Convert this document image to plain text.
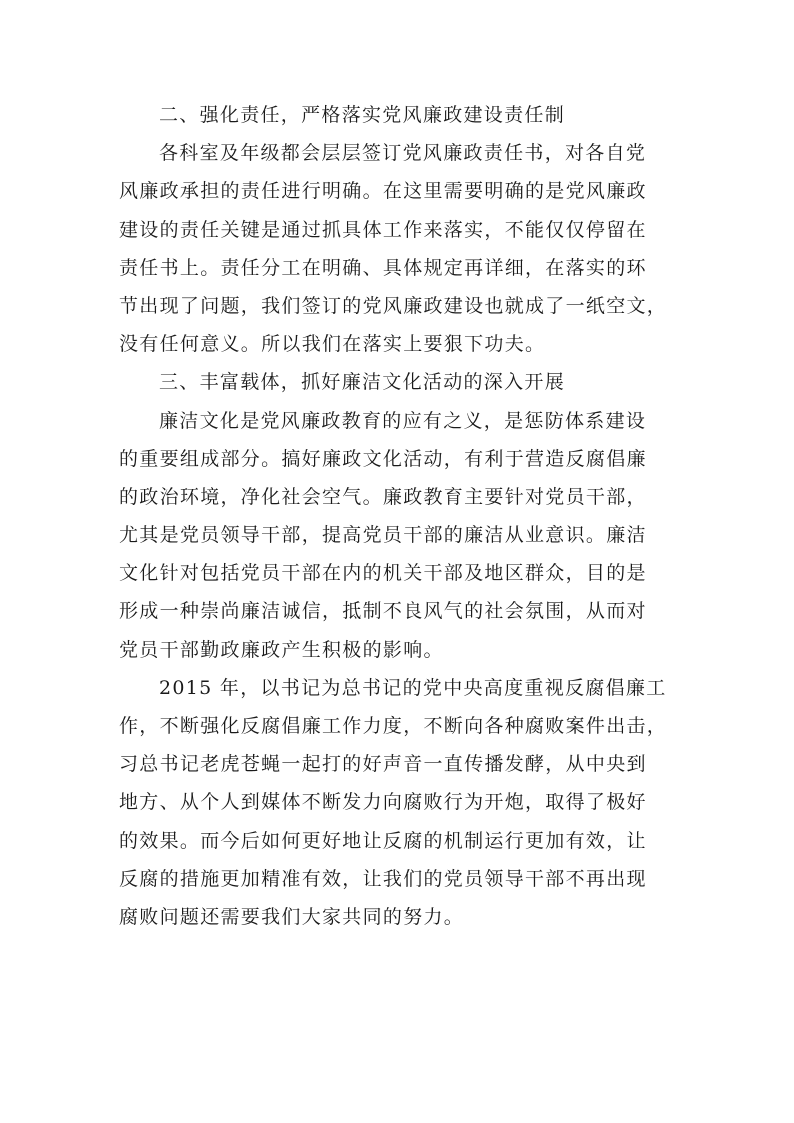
二、强化责任，严格落实党风廉政建设责任制
各科室及年级都会层层签订党风廉政责任书，对各自党
风廉政承担的责任进行明确。在这里需要明确的是党风廉政
建设的责任关键是通过抓具体工作来落实，不能仅仅停留在
责任书上。责任分工在明确、具体规定再详细，在落实的环
节出现了问题，我们签订的党风廉政建设也就成了一纸空文，
没有任何意义。所以我们在落实上要狠下功夫。
三、丰富载体，抓好廉洁文化活动的深入开展
廉洁文化是党风廉政教育的应有之义，是惩防体系建设
的重要组成部分。搞好廉政文化活动，有利于营造反腐倡廉
的政治环境，净化社会空气。廉政教育主要针对党员干部，
尤其是党员领导干部，提高党员干部的廉洁从业意识。廉洁
文化针对包括党员干部在内的机关干部及地区群众，目的是
形成一种崇尚廉洁诚信，抵制不良风气的社会氛围，从而对
党员干部勤政廉政产生积极的影响。
2015 年，以书记为总书记的党中央高度重视反腐倡廉工
作，不断强化反腐倡廉工作力度，不断向各种腐败案件出击，
习总书记老虎苍蝇一起打的好声音一直传播发酵，从中央到
地方、从个人到媒体不断发力向腐败行为开炮，取得了极好
的效果。而今后如何更好地让反腐的机制运行更加有效，让
反腐的措施更加精准有效，让我们的党员领导干部不再出现
腐败问题还需要我们大家共同的努力。
